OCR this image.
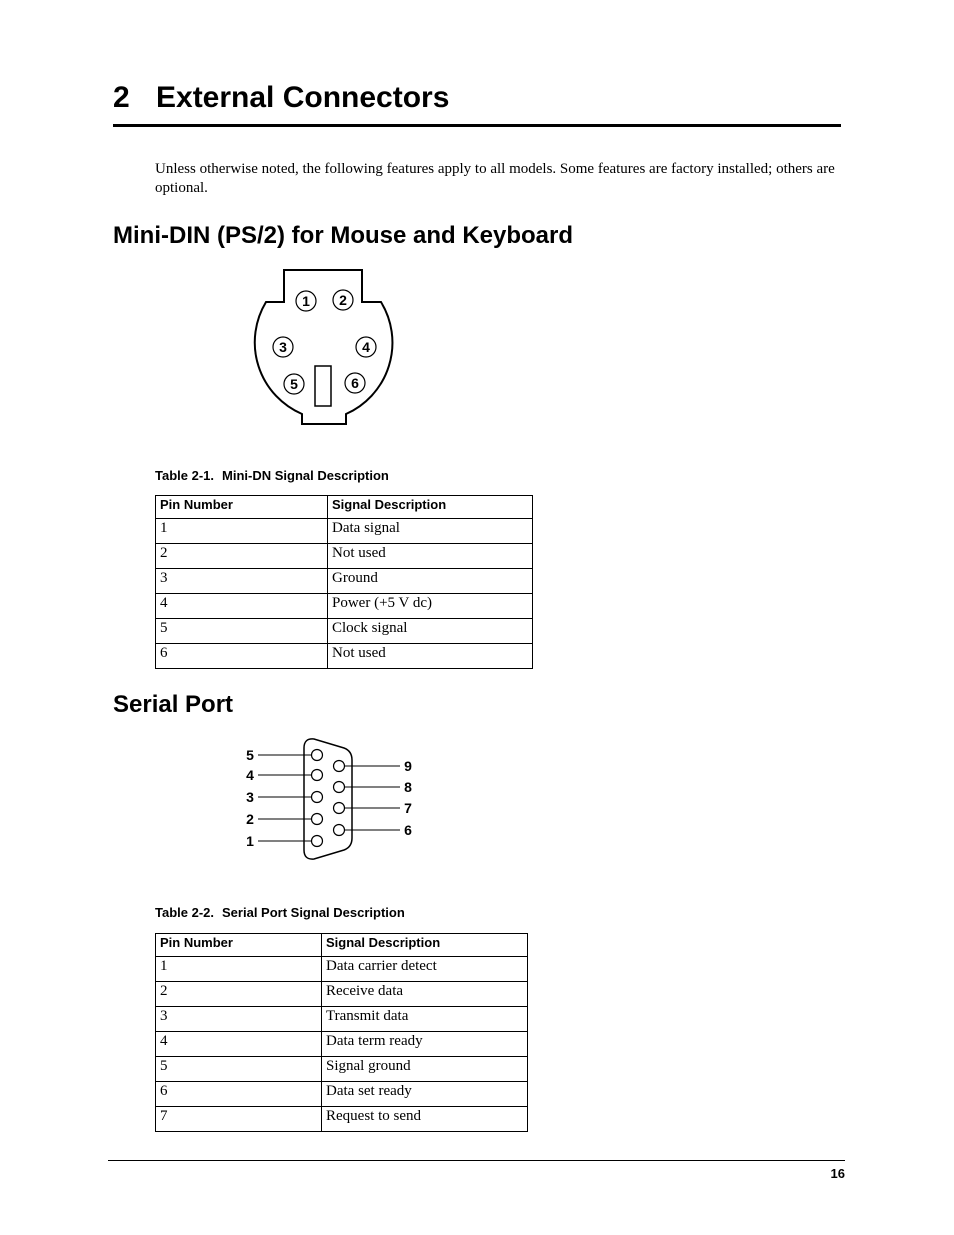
2 External Connectors

Unless otherwise noted, the following features apply to all models. Some features are factory installed; others are optional.

Mini-DIN (PS/2) for Mouse and Keyboard
1 2
3	4
5	6

Table 2-1. Mini-DN Signal Description

Pin Number	Signal Description
1	Data signal
2	Not used
3	Ground
4	Power (+5 V dc)
5	Clock signal
6	Not used
Serial Port
5
4
3
2
1
9
8
7
6

Table 2-2. Serial Port Signal Description

Pin Number	Signal Description
1	Data carrier detect
2	Receive data
3	Transmit data
4	Data term ready
5	Signal ground
6	Data set ready
7	Request to send
16
